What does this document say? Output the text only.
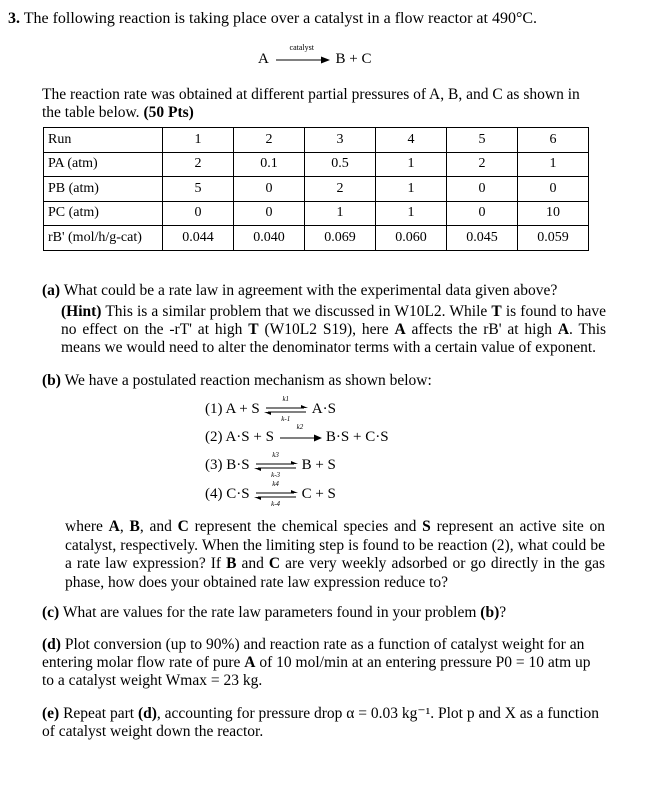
3. The following reaction is taking place over a catalyst in a flow reactor at 490°C.
A
catalyst
B + C
The reaction rate was obtained at different partial pressures of A, B, and C as shown in the table below. (50 Pts)
Run	1	2	3	4	5	6
PA (atm)	2	0.1	0.5	1	2	1
PB (atm)	5	0	2	1	0	0
PC (atm)	0	0	1	1	0	10
rB' (mol/h/g-cat)	0.044	0.040	0.069	0.060	0.045	0.059
(a) What could be a rate law in agreement with the experimental data given above?
(Hint) This is a similar problem that we discussed in W10L2. While T is found to have no effect on the -rT' at high T (W10L2 S19), here A affects the rB' at high A. This means we would need to alter the denominator terms with a certain value of exponent.
(b) We have a postulated reaction mechanism as shown below:
(1) A + S
k1
k-1
A·S
(2) A·S + S
k2
B·S + C·S
(3) B·S
k3
k-3
B + S
(4) C·S
k4
k-4
C + S
where A, B, and C represent the chemical species and S represent an active site on catalyst, respectively. When the limiting step is found to be reaction (2), what could be a rate law expression? If B and C are very weekly adsorbed or go directly in the gas phase, how does your obtained rate law expression reduce to?
(c) What are values for the rate law parameters found in your problem (b)?
(d) Plot conversion (up to 90%) and reaction rate as a function of catalyst weight for an entering molar flow rate of pure A of 10 mol/min at an entering pressure P0 = 10 atm up to a catalyst weight Wmax = 23 kg.
(e) Repeat part (d), accounting for pressure drop α = 0.03 kg⁻¹. Plot p and X as a function of catalyst weight down the reactor.
